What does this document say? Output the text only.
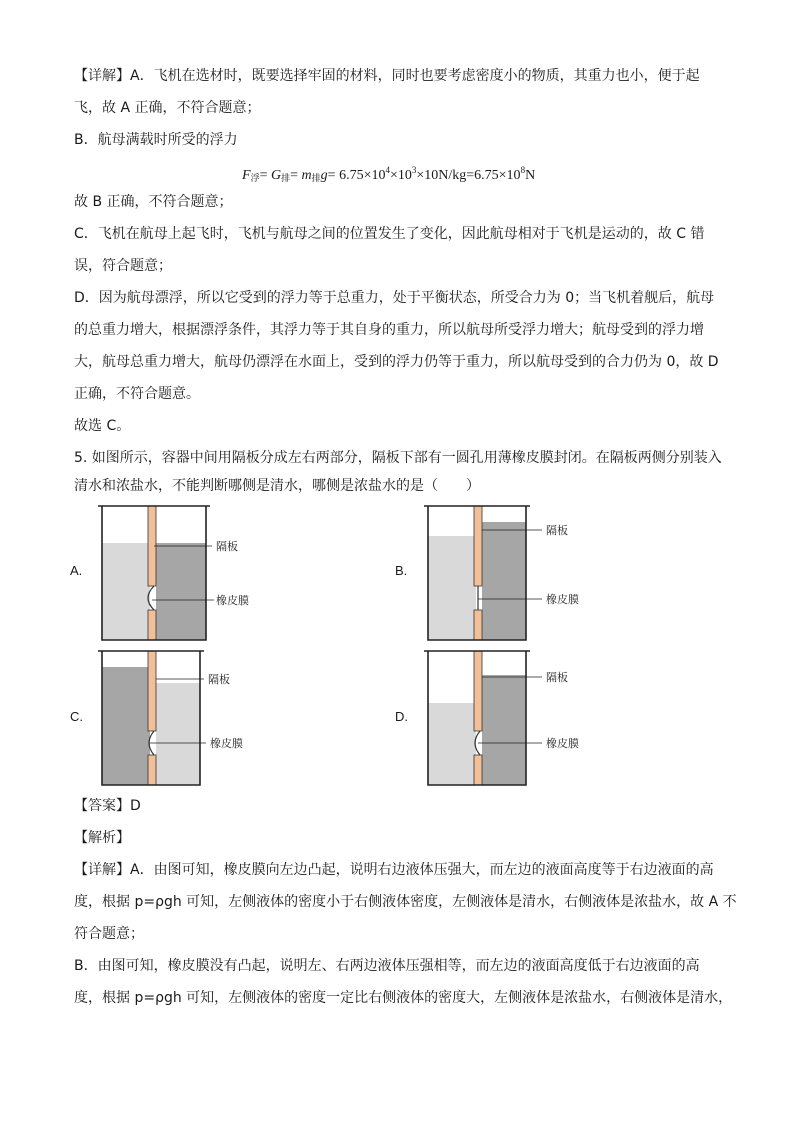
【详解】A．飞机在选材时，既要选择牢固的材料，同时也要考虑密度小的物质，其重力也小，便于起
飞，故 A 正确，不符合题意；
B．航母满载时所受的浮力
$F_浮= G_排= m_排g= 6.75\times 10^4\times 10^3\times 10N/kg=6.75\times 10^8N$
故 B 正确，不符合题意；
C．飞机在航母上起飞时，飞机与航母之间的位置发生了变化，因此航母相对于飞机是运动的，故 C 错
误，符合题意；
D．因为航母漂浮，所以它受到的浮力等于总重力，处于平衡状态，所受合力为 0；当飞机着舰后，航母
的总重力增大，根据漂浮条件，其浮力等于其自身的重力，所以航母所受浮力增大；航母受到的浮力增
大，航母总重力增大，航母仍漂浮在水面上，受到的浮力仍等于重力，所以航母受到的合力仍为 0，故 D
正确，不符合题意。
故选 C。
5. 如图所示，容器中间用隔板分成左右两部分，隔板下部有一圆孔用薄橡皮膜封闭。在隔板两侧分别装入
清水和浓盐水，不能判断哪侧是清水，哪侧是浓盐水的是（　　）
A.
隔板
橡皮膜
B.
隔板
橡皮膜
C.
隔板
橡皮膜
D.
隔板
橡皮膜
【答案】D
【解析】
【详解】A．由图可知，橡皮膜向左边凸起，说明右边液体压强大，而左边的液面高度等于右边液面的高
度，根据 p=ρgh 可知，左侧液体的密度小于右侧液体密度，左侧液体是清水，右侧液体是浓盐水，故 A 不
符合题意；
B．由图可知，橡皮膜没有凸起，说明左、右两边液体压强相等，而左边的液面高度低于右边液面的高
度，根据 p=ρgh 可知，左侧液体的密度一定比右侧液体的密度大，左侧液体是浓盐水，右侧液体是清水，
